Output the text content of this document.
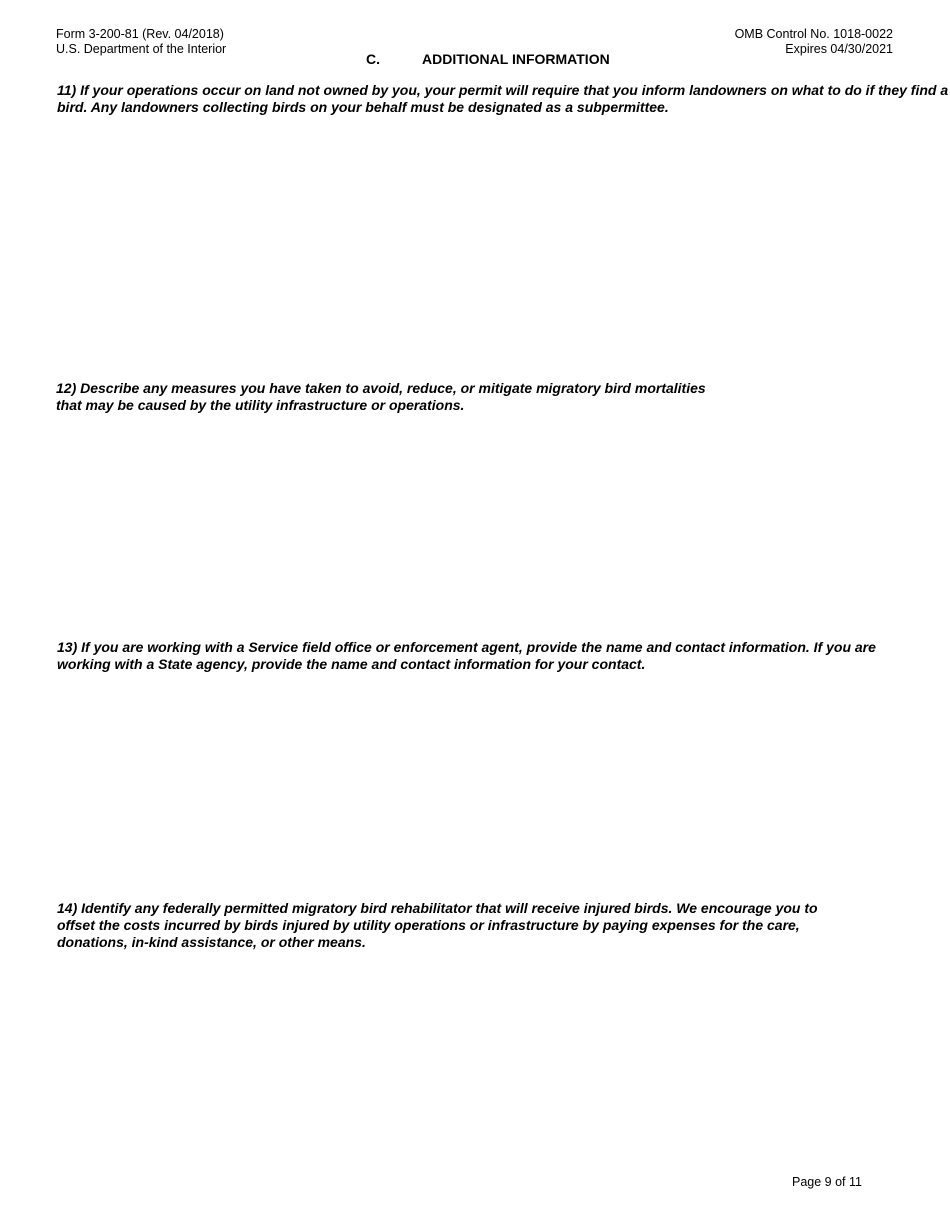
Form 3-200-81 (Rev. 04/2018)
U.S. Department of the Interior
OMB Control No. 1018-0022
Expires 04/30/2021
C.	ADDITIONAL INFORMATION
11) If your operations occur on land not owned by you, your permit will require that you inform landowners on what to do if they find a
bird. Any landowners collecting birds on your behalf must be designated as a subpermittee.
12) Describe any measures you have taken to avoid, reduce, or mitigate migratory bird mortalities
that may be caused by the utility infrastructure or operations.
13) If you are working with a Service field office or enforcement agent, provide the name and contact information. If you are
working with a State agency, provide the name and contact information for your contact.
14) Identify any federally permitted migratory bird rehabilitator that will receive injured birds. We encourage you to
offset the costs incurred by birds injured by utility operations or infrastructure by paying expenses for the care,
donations, in-kind assistance, or other means.
Page 9 of 11
